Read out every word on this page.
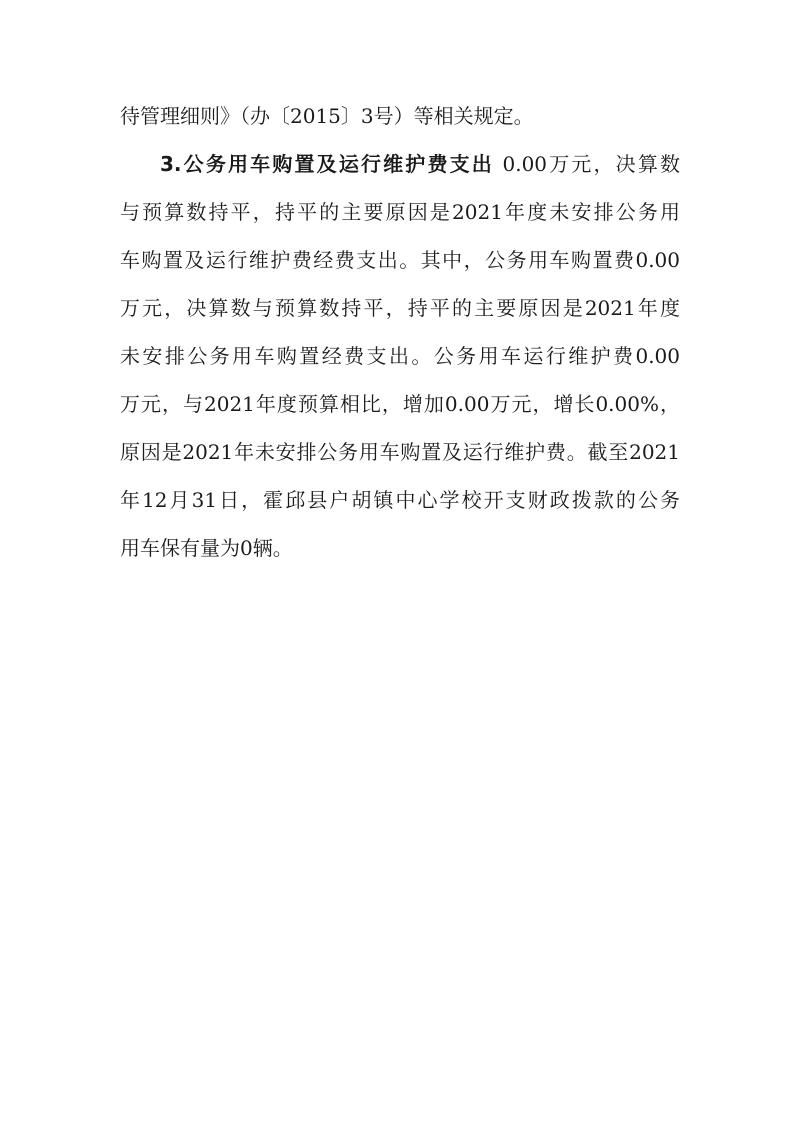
待管理细则》（办〔2015〕3号）等相关规定。
3.公务用车购置及运行维护费支出 0.00万元，决算数
与预算数持平，持平的主要原因是2021年度未安排公务用
车购置及运行维护费经费支出。其中，公务用车购置费0.00
万元，决算数与预算数持平，持平的主要原因是2021年度
未安排公务用车购置经费支出。公务用车运行维护费0.00
万元，与2021年度预算相比，增加0.00万元，增长0.00%，
原因是2021年未安排公务用车购置及运行维护费。截至2021
年12月31日，霍邱县户胡镇中心学校开支财政拨款的公务
用车保有量为0辆。
